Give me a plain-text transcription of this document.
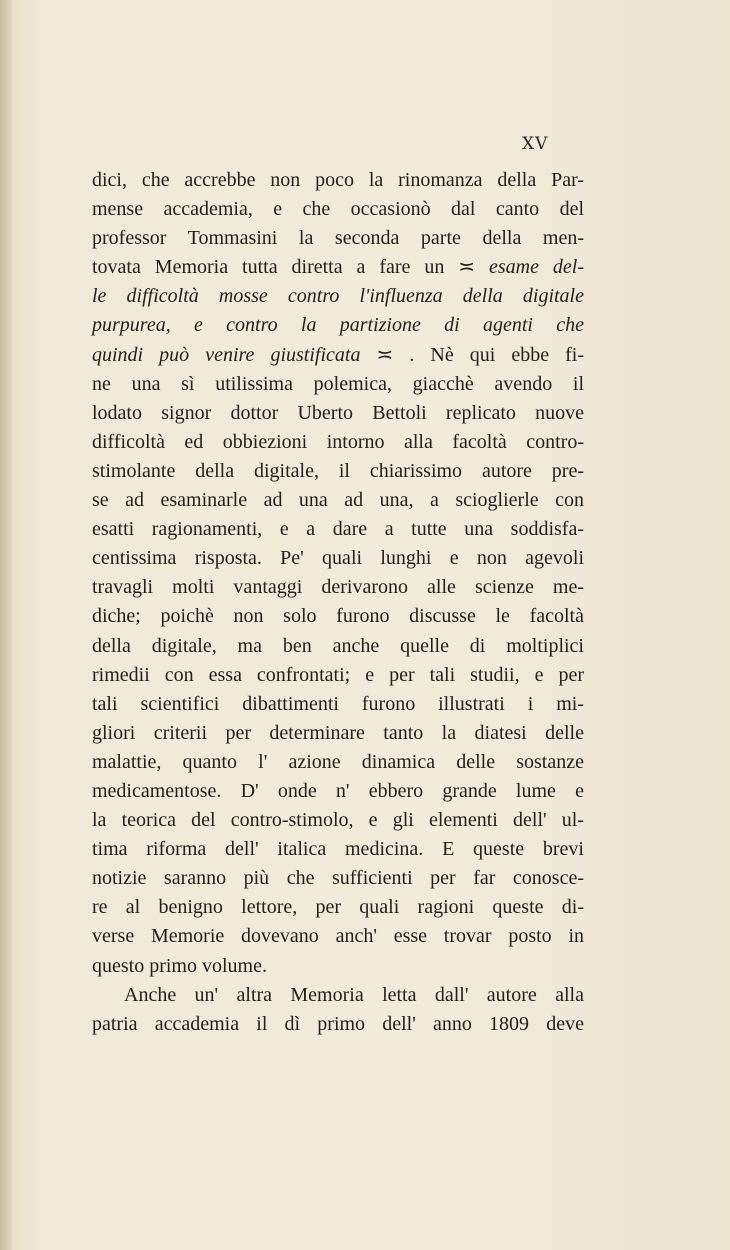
XV
dici, che accrebbe non poco la rinomanza della Par-
mense accademia, e che occasionò dal canto del
professor Tommasini la seconda parte della men-
tovata Memoria tutta diretta a fare un ≍ esame del-
le difficoltà mosse contro l'influenza della digitale
purpurea, e contro la partizione di agenti che
quindi può venire giustificata ≍ . Nè qui ebbe fi-
ne una sì utilissima polemica, giacchè avendo il
lodato signor dottor Uberto Bettoli replicato nuove
difficoltà ed obbiezioni intorno alla facoltà contro-
stimolante della digitale, il chiarissimo autore pre-
se ad esaminarle ad una ad una, a scioglierle con
esatti ragionamenti, e a dare a tutte una soddisfa-
centissima risposta. Pe' quali lunghi e non agevoli
travagli molti vantaggi derivarono alle scienze me-
diche; poichè non solo furono discusse le facoltà
della digitale, ma ben anche quelle di moltiplici
rimedii con essa confrontati; e per tali studii, e per
tali scientifici dibattimenti furono illustrati i mi-
gliori criterii per determinare tanto la diatesi delle
malattie, quanto l' azione dinamica delle sostanze
medicamentose. D' onde n' ebbero grande lume e
la teorica del contro-stimolo, e gli elementi dell' ul-
tima riforma dell' italica medicina. E queste brevi
notizie saranno più che sufficienti per far conosce-
re al benigno lettore, per quali ragioni queste di-
verse Memorie dovevano anch' esse trovar posto in
questo primo volume.
Anche un' altra Memoria letta dall' autore alla
patria accademia il dì primo dell' anno 1809 deve
